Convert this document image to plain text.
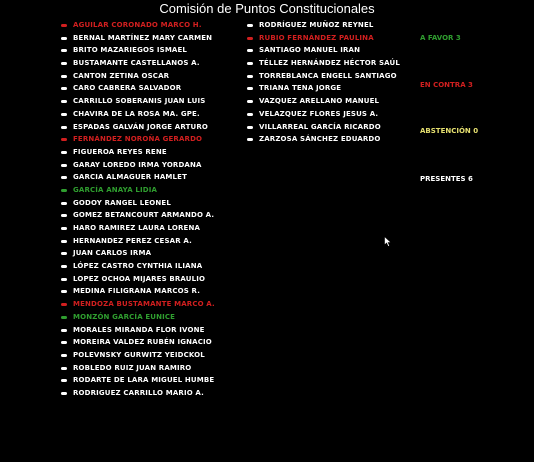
Comisión de Puntos Constitucionales
AGUILAR CORONADO MARCO H.
BERNAL MARTÍNEZ MARY CARMEN
BRITO MAZARIEGOS ISMAEL
BUSTAMANTE CASTELLANOS A.
CANTON ZETINA OSCAR
CARO CABRERA SALVADOR
CARRILLO SOBERANIS JUAN LUIS
CHAVIRA DE LA ROSA MA. GPE.
ESPADAS GALVÁN JORGE ARTURO
FERNÁNDEZ NOROÑA GERARDO
FIGUEROA REYES RENE
GARAY LOREDO IRMA YORDANA
GARCIA ALMAGUER HAMLET
GARCÍA ANAYA LIDIA
GODOY RANGEL LEONEL
GOMEZ BETANCOURT ARMANDO A.
HARO RAMIREZ LAURA LORENA
HERNANDEZ PEREZ CESAR A.
JUAN CARLOS IRMA
LÓPEZ CASTRO CYNTHIA ILIANA
LOPEZ OCHOA MIJARES BRAULIO
MEDINA FILIGRANA MARCOS R.
MENDOZA BUSTAMANTE MARCO A.
MONZÓN GARCÍA EUNICE
MORALES MIRANDA FLOR IVONE
MOREIRA VALDEZ RUBÉN IGNACIO
POLEVNSKY GURWITZ YEIDCKOL
ROBLEDO RUIZ JUAN RAMIRO
RODARTE DE LARA MIGUEL HUMBE
RODRIGUEZ CARRILLO MARIO A.
RODRÍGUEZ MUÑOZ REYNEL
RUBIO FERNÁNDEZ PAULINA
SANTIAGO MANUEL IRAN
TÉLLEZ HERNÁNDEZ HÉCTOR SAÚL
TORREBLANCA ENGELL SANTIAGO
TRIANA TENA JORGE
VAZQUEZ ARELLANO MANUEL
VELAZQUEZ FLORES JESUS A.
VILLARREAL GARCÍA RICARDO
ZARZOSA SÁNCHEZ EDUARDO
A FAVOR 3
EN CONTRA 3
ABSTENCIÓN 0
PRESENTES 6
